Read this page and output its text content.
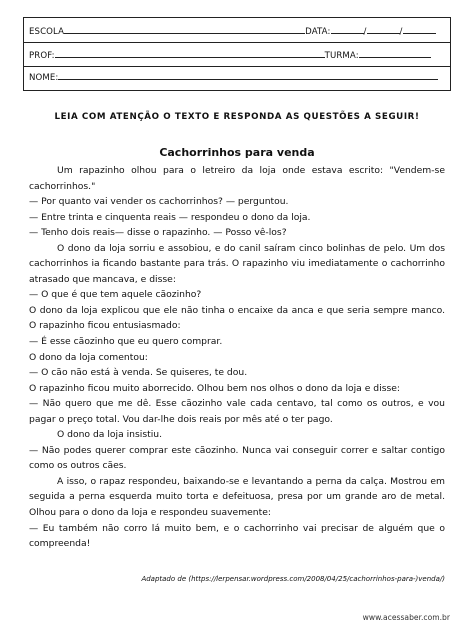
ESCOLA	DATA:	/	/
PROF:	TURMA:
NOME:
LEIA COM ATENÇÃO O TEXTO E RESPONDA AS QUESTÕES A SEGUIR!
Cachorrinhos para venda

Um rapazinho olhou para o letreiro da loja onde estava escrito: "Vendem-se cachorrinhos."

— Por quanto vai vender os cachorrinhos? — perguntou.

— Entre trinta e cinquenta reais — respondeu o dono da loja.

— Tenho dois reais— disse o rapazinho. — Posso vê-los?

O dono da loja sorriu e assobiou, e do canil saíram cinco bolinhas de pelo. Um dos cachorrinhos ia ficando bastante para trás. O rapazinho viu imediatamente o cachorrinho atrasado que mancava, e disse:

— O que é que tem aquele cãozinho?

O dono da loja explicou que ele não tinha o encaixe da anca e que seria sempre manco. O rapazinho ficou entusiasmado:

— É esse cãozinho que eu quero comprar.

O dono da loja comentou:

— O cão não está à venda. Se quiseres, te dou.

O rapazinho ficou muito aborrecido. Olhou bem nos olhos o dono da loja e disse:

— Não quero que me dê. Esse cãozinho vale cada centavo, tal como os outros, e vou pagar o preço total. Vou dar-lhe dois reais por mês até o ter pago.

O dono da loja insistiu.

— Não podes querer comprar este cãozinho. Nunca vai conseguir correr e saltar contigo como os outros cães.

A isso, o rapaz respondeu, baixando-se e levantando a perna da calça. Mostrou em seguida a perna esquerda muito torta e defeituosa, presa por um grande aro de metal. Olhou para o dono da loja e respondeu suavemente:

— Eu também não corro lá muito bem, e o cachorrinho vai precisar de alguém que o compreenda!

Adaptado de (https://lerpensar.wordpress.com/2008/04/25/cachorrinhos-para-)venda/)
www.acessaber.com.br
